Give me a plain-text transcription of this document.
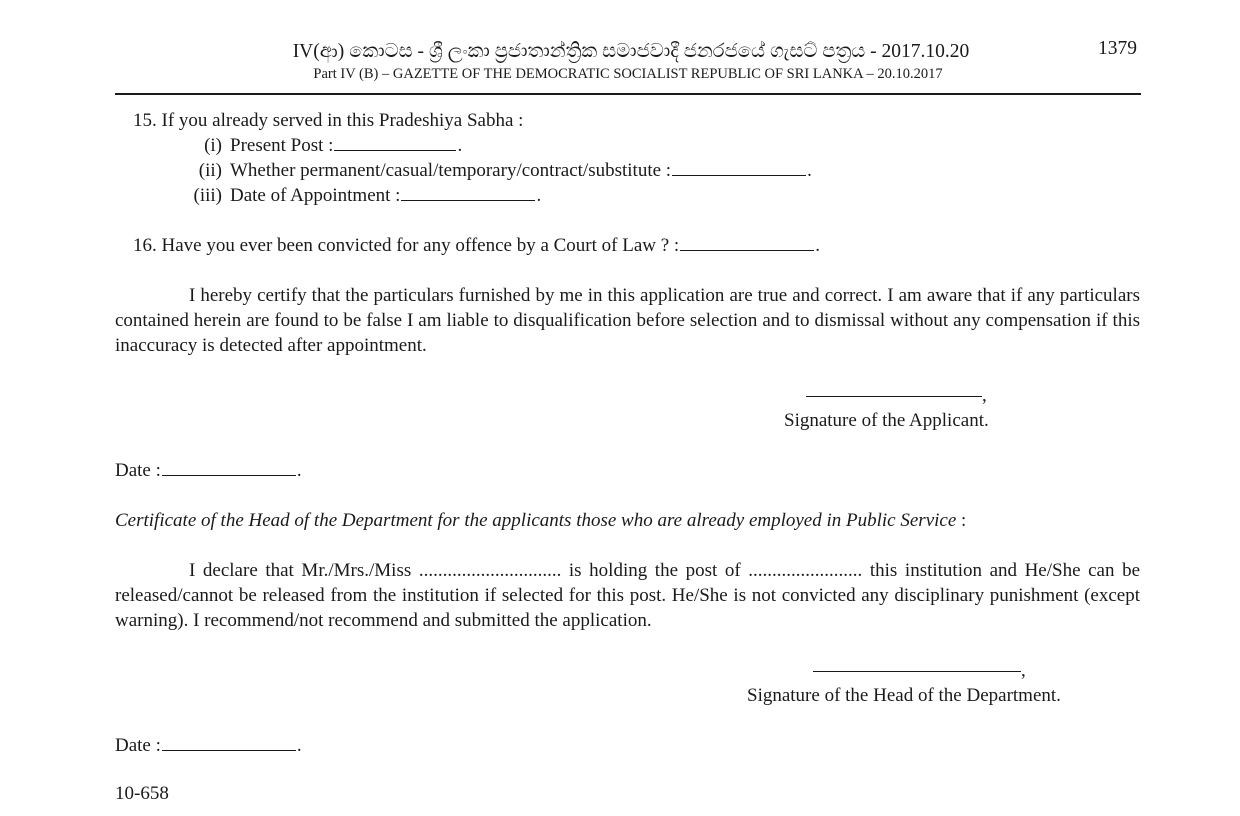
IV(ආ) කොටස - ශ්‍රී ලංකා ප්‍රජාතාන්ත්‍රික සමාජවාදී ජනරජයේ ගැසට් පත්‍රය - 2017.10.20
Part IV (B) – GAZETTE OF THE DEMOCRATIC SOCIALIST REPUBLIC OF SRI LANKA – 20.10.2017
1379
15. If you already served in this Pradeshiya Sabha :
(i) Present Post :	.
(ii) Whether permanent/casual/temporary/contract/substitute :	.
(iii) Date of Appointment :	.
16. Have you ever been convicted for any offence by a Court of Law ? :	.
I hereby certify that the particulars furnished by me in this application are true and correct. I am aware that if any particulars contained herein are found to be false I am liable to disqualification before selection and to dismissal without any compensation if this inaccuracy is detected after appointment.
,
Signature of the Applicant.
Date :	.
Certificate of the Head of the Department for the applicants those who are already employed in Public Service :
I declare that Mr./Mrs./Miss .............................. is holding the post of ........................ this institution and He/She can be released/cannot be released from the institution if selected for this post. He/She is not convicted any disciplinary punishment (except warning). I recommend/not recommend and submitted the application.
,
Signature of the Head of the Department.
Date :	.
10-658
